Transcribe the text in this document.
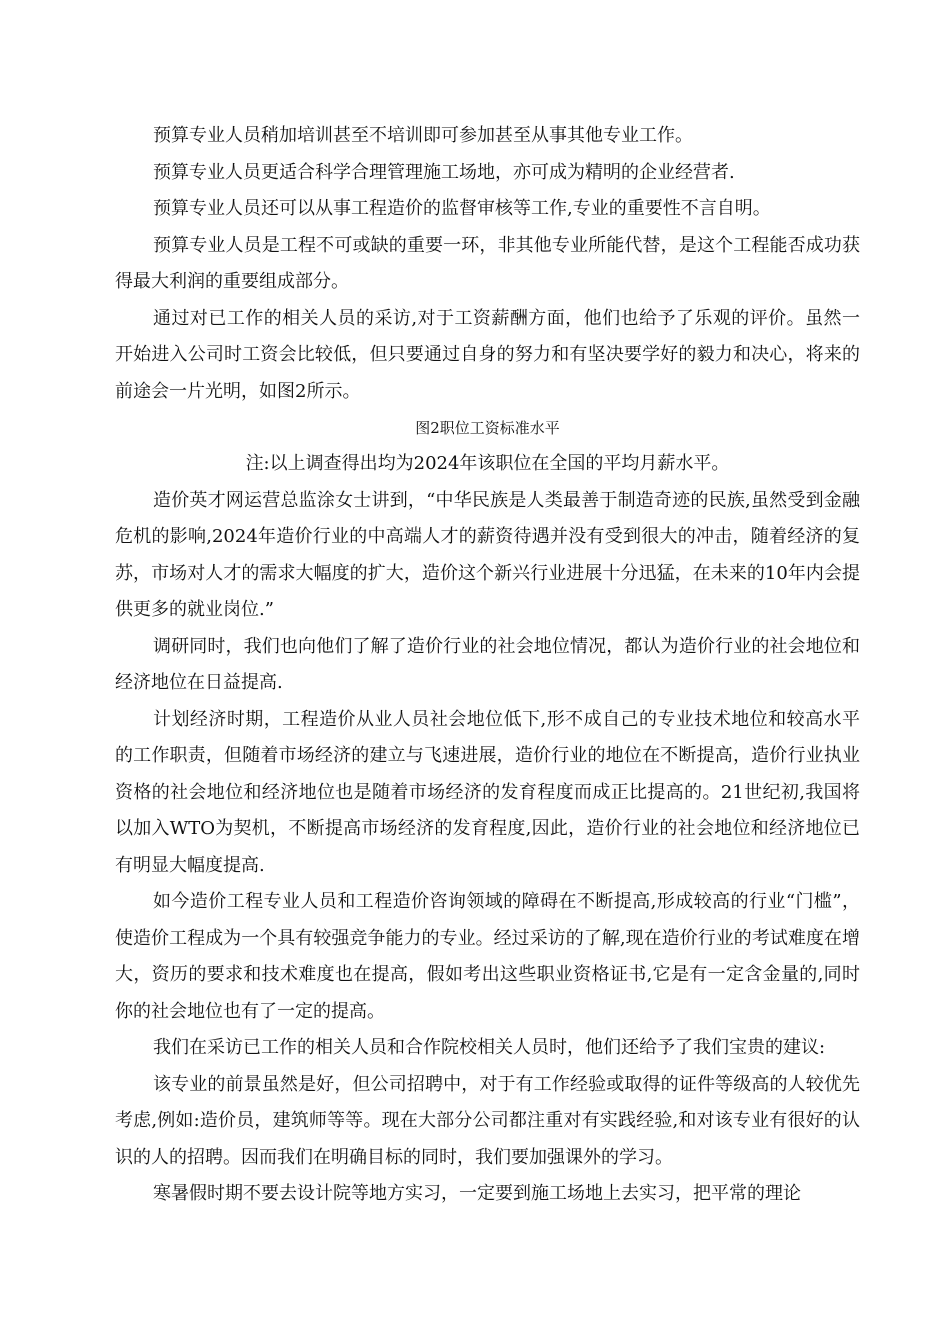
预算专业人员稍加培训甚至不培训即可参加甚至从事其他专业工作。

预算专业人员更适合科学合理管理施工场地，亦可成为精明的企业经营者.

预算专业人员还可以从事工程造价的监督审核等工作,专业的重要性不言自明。

预算专业人员是工程不可或缺的重要一环，非其他专业所能代替，是这个工程能否成功获得最大利润的重要组成部分。

通过对已工作的相关人员的采访,对于工资薪酬方面，他们也给予了乐观的评价。虽然一开始进入公司时工资会比较低，但只要通过自身的努力和有坚决要学好的毅力和决心，将来的前途会一片光明，如图2所示。

图2职位工资标准水平

注:以上调查得出均为2024年该职位在全国的平均月薪水平。

造价英才网运营总监涂女士讲到，“中华民族是人类最善于制造奇迹的民族,虽然受到金融危机的影响,2024年造价行业的中高端人才的薪资待遇并没有受到很大的冲击，随着经济的复苏，市场对人才的需求大幅度的扩大，造价这个新兴行业进展十分迅猛，在未来的10年内会提供更多的就业岗位.”

调研同时，我们也向他们了解了造价行业的社会地位情况，都认为造价行业的社会地位和经济地位在日益提高.

计划经济时期，工程造价从业人员社会地位低下,形不成自己的专业技术地位和较高水平的工作职责，但随着市场经济的建立与飞速进展，造价行业的地位在不断提高，造价行业执业资格的社会地位和经济地位也是随着市场经济的发育程度而成正比提高的。21世纪初,我国将以加入WTO为契机，不断提高市场经济的发育程度,因此，造价行业的社会地位和经济地位已有明显大幅度提高.

如今造价工程专业人员和工程造价咨询领域的障碍在不断提高,形成较高的行业“门槛”，使造价工程成为一个具有较强竞争能力的专业。经过采访的了解,现在造价行业的考试难度在增大，资历的要求和技术难度也在提高，假如考出这些职业资格证书,它是有一定含金量的,同时你的社会地位也有了一定的提高。

我们在采访已工作的相关人员和合作院校相关人员时，他们还给予了我们宝贵的建议:

该专业的前景虽然是好，但公司招聘中，对于有工作经验或取得的证件等级高的人较优先考虑,例如:造价员，建筑师等等。现在大部分公司都注重对有实践经验,和对该专业有很好的认识的人的招聘。因而我们在明确目标的同时，我们要加强课外的学习。

寒暑假时期不要去设计院等地方实习，一定要到施工场地上去实习，把平常的理论
